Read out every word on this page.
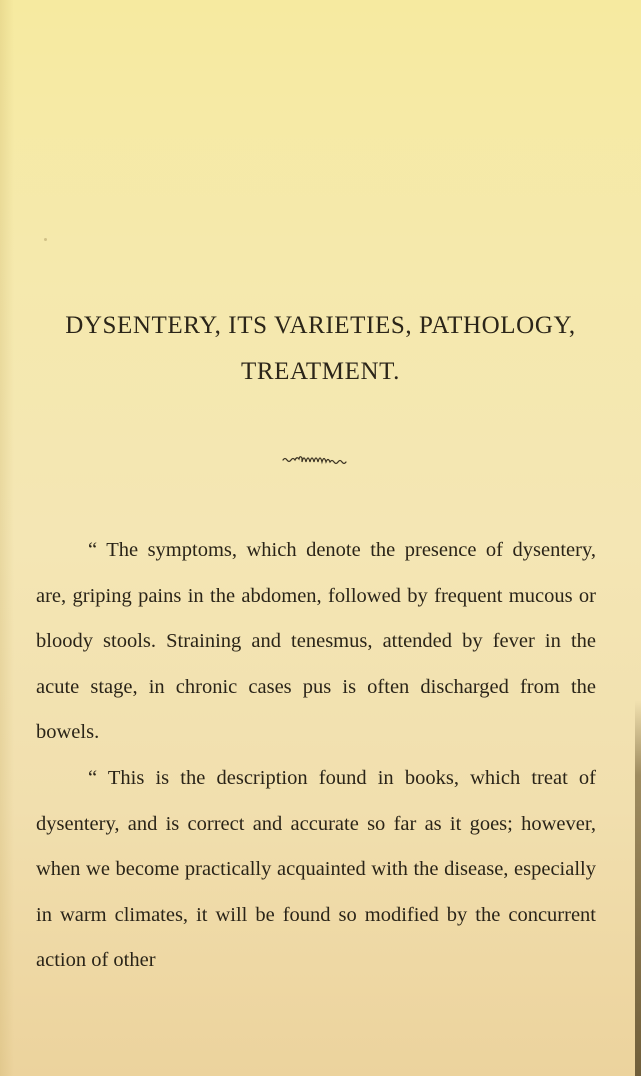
DYSENTERY, ITS VARIETIES, PATHOLOGY,
TREATMENT.

“ The symptoms, which denote the presence of dysentery, are, griping pains in the abdomen, followed by frequent mucous or bloody stools. Straining and tenesmus, attended by fever in the acute stage, in chronic cases pus is often discharged from the bowels.

“ This is the description found in books, which treat of dysentery, and is correct and accurate so far as it goes; however, when we become practically acquainted with the disease, especially in warm climates, it will be found so modified by the concurrent action of other
